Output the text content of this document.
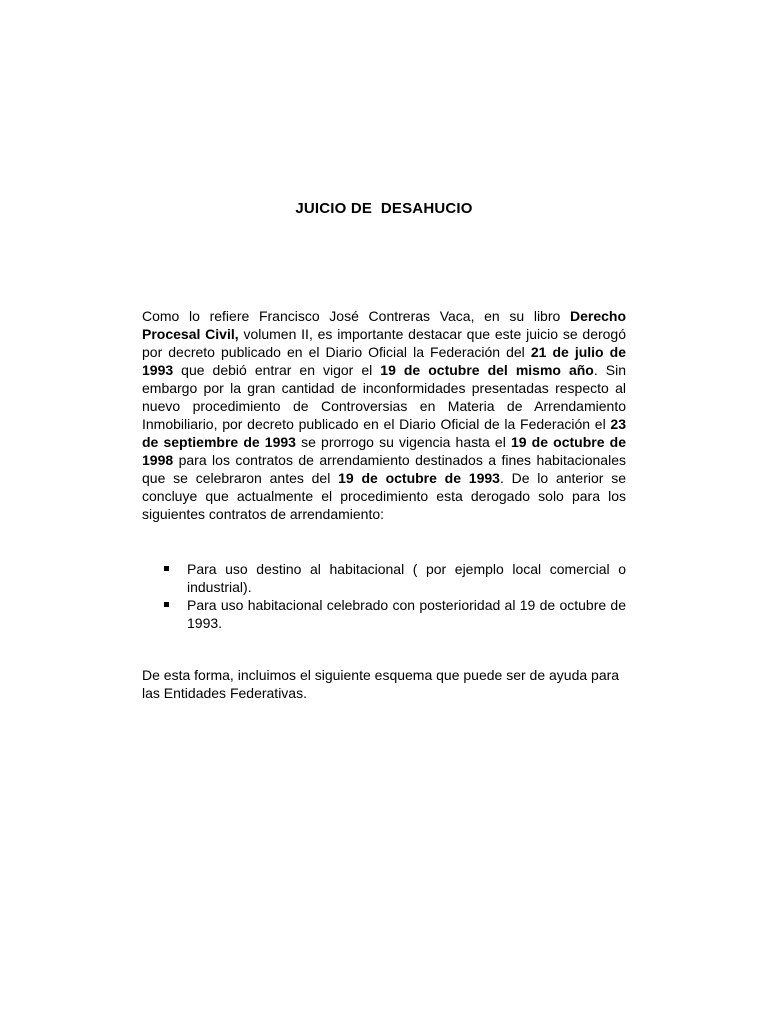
JUICIO DE  DESAHUCIO

Como lo refiere Francisco José Contreras Vaca, en su libro Derecho Procesal Civil, volumen II, es importante destacar que este juicio se derogó por decreto publicado en el Diario Oficial la Federación del 21 de julio de 1993 que debió entrar en vigor el 19 de octubre del mismo año. Sin embargo por la gran cantidad de inconformidades presentadas respecto al nuevo procedimiento de Controversias en Materia de Arrendamiento Inmobiliario, por decreto publicado en el Diario Oficial de la Federación el 23 de septiembre de 1993 se prorrogo su vigencia hasta el 19 de octubre de 1998 para los contratos de arrendamiento destinados a fines habitacionales que se celebraron antes del 19 de octubre de 1993. De lo anterior se concluye que actualmente el procedimiento esta derogado solo para los siguientes contratos de arrendamiento:

Para uso destino al habitacional ( por ejemplo local comercial o industrial).
Para uso habitacional celebrado con posterioridad al 19 de octubre de 1993.

De esta forma, incluimos el siguiente esquema que puede ser de ayuda para las Entidades Federativas.
